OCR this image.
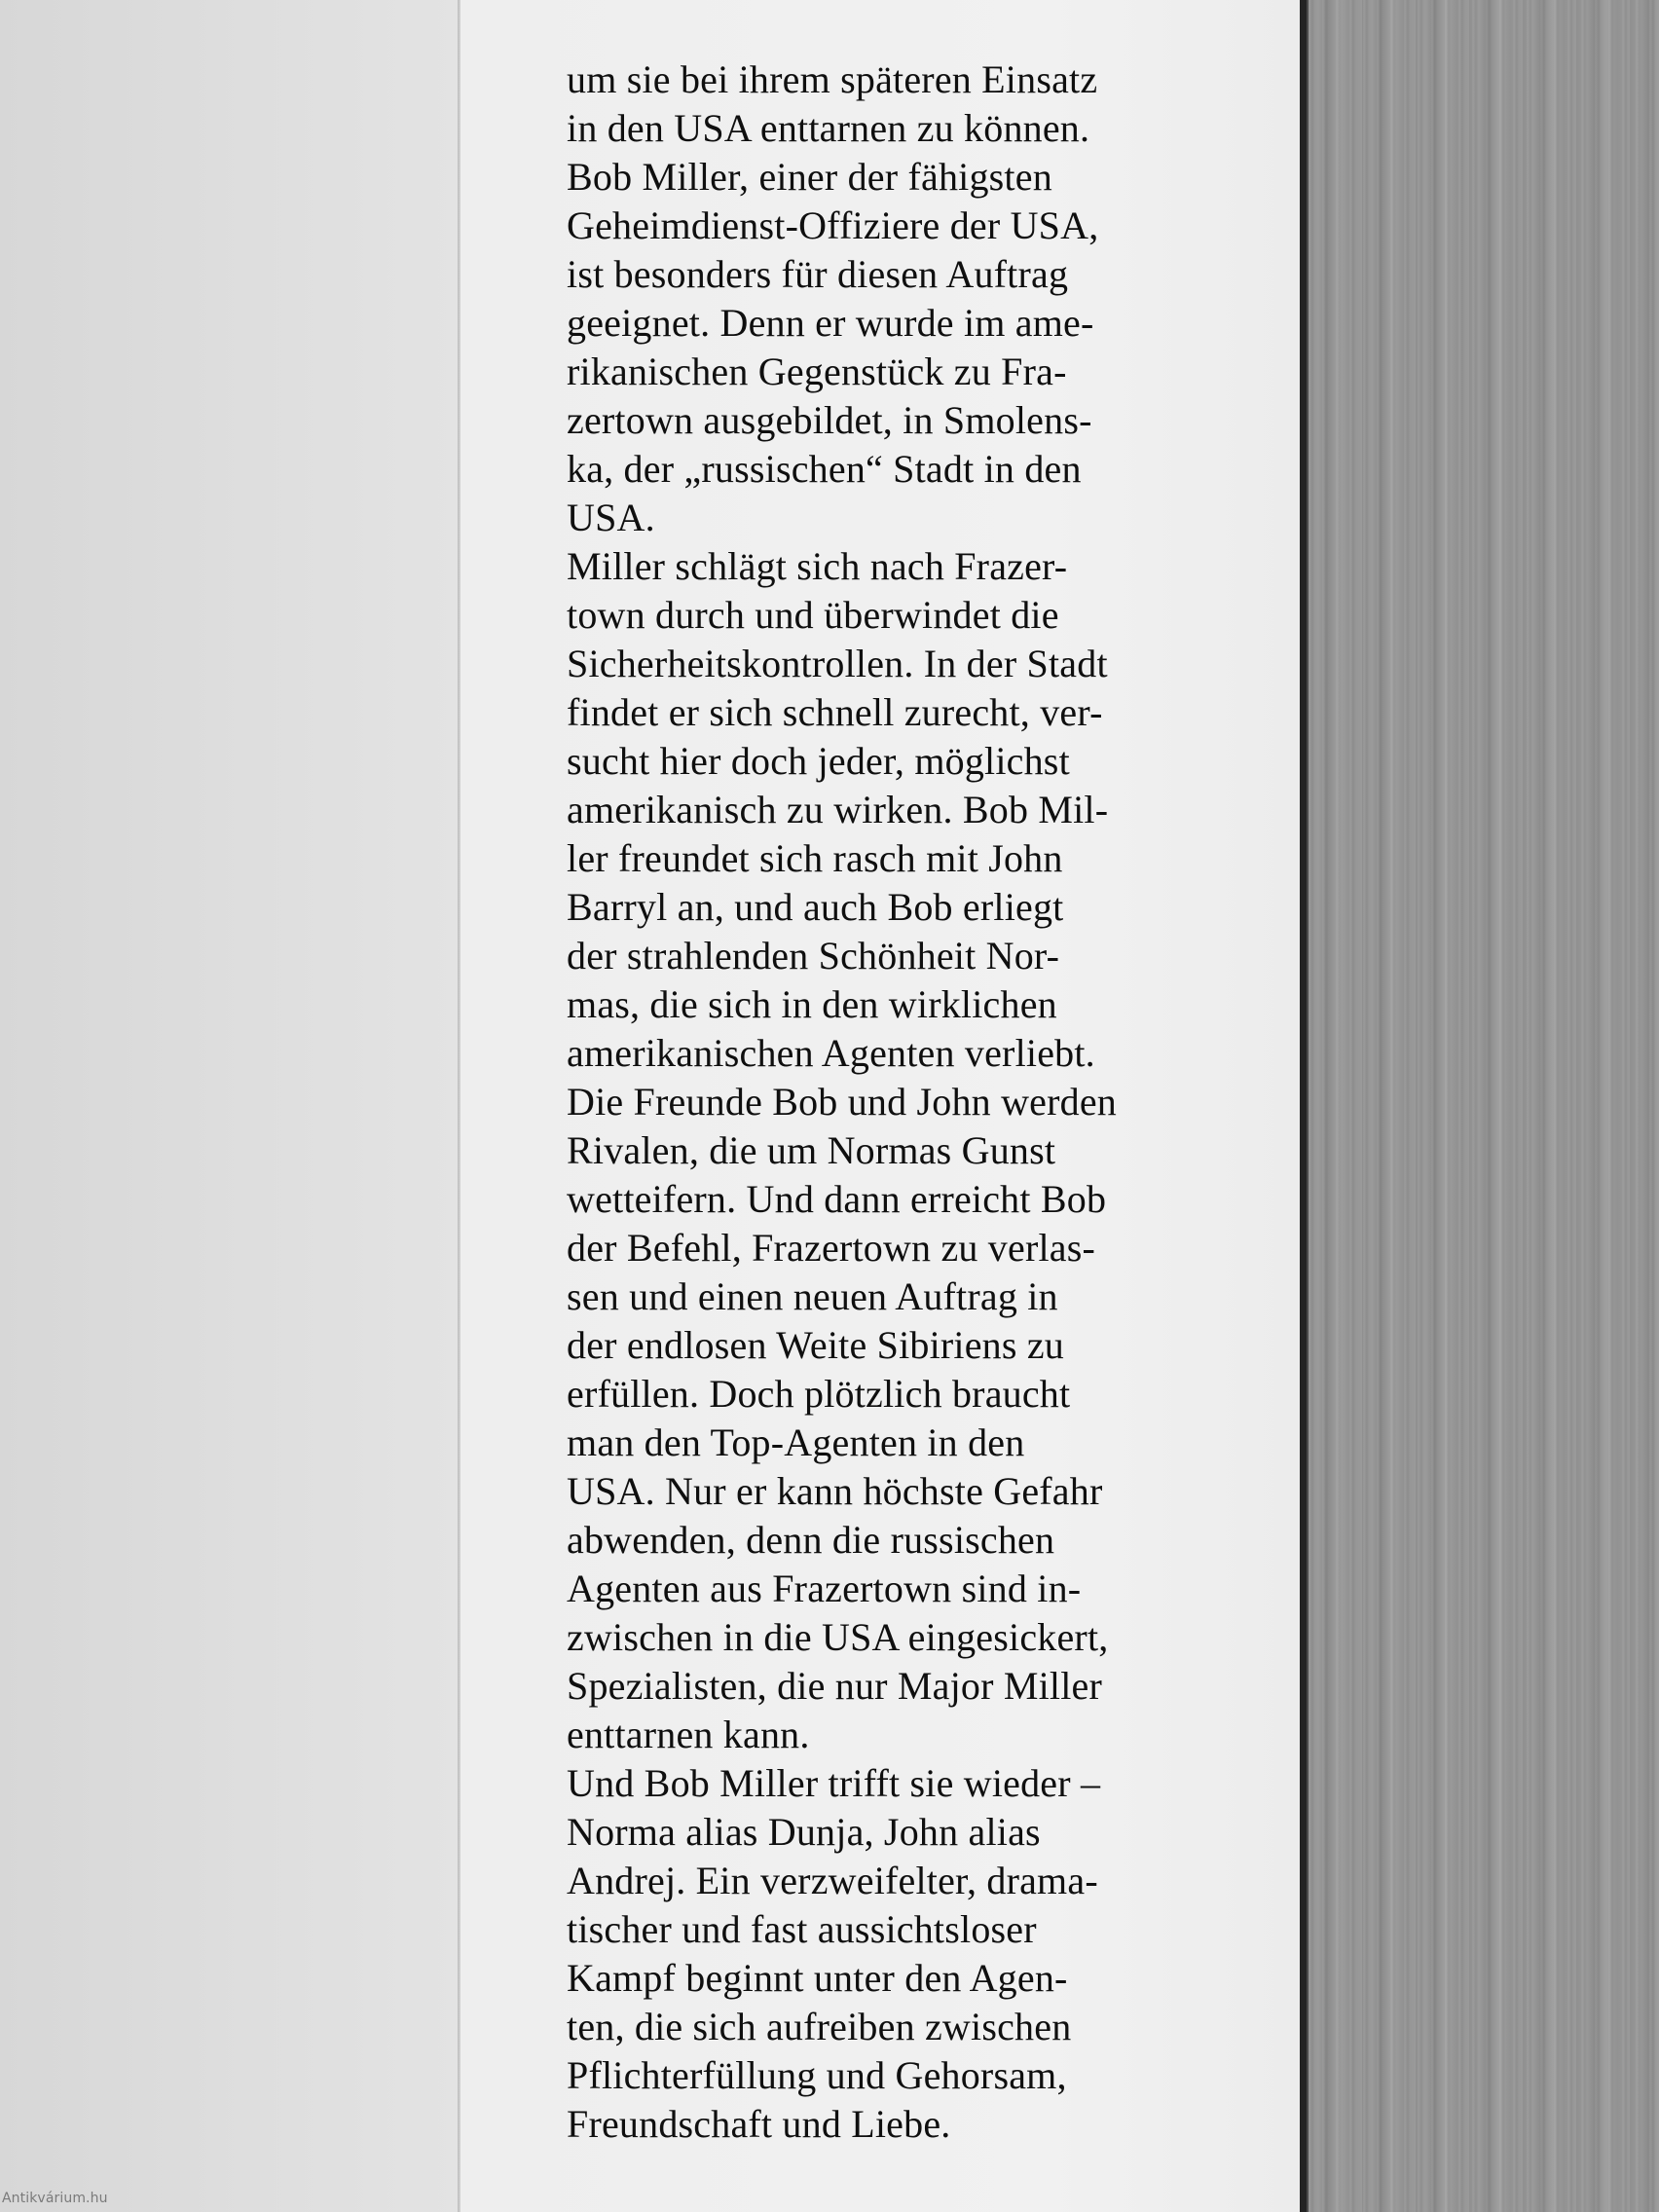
um sie bei ihrem späteren Einsatz
in den USA enttarnen zu können.
Bob Miller, einer der fähigsten
Geheimdienst-Offiziere der USA,
ist besonders für diesen Auftrag
geeignet. Denn er wurde im ame-
rikanischen Gegenstück zu Fra-
zertown ausgebildet, in Smolens-
ka, der „russischen“ Stadt in den
USA.
Miller schlägt sich nach Frazer-
town durch und überwindet die
Sicherheitskontrollen. In der Stadt
findet er sich schnell zurecht, ver-
sucht hier doch jeder, möglichst
amerikanisch zu wirken. Bob Mil-
ler freundet sich rasch mit John
Barryl an, und auch Bob erliegt
der strahlenden Schönheit Nor-
mas, die sich in den wirklichen
amerikanischen Agenten verliebt.
Die Freunde Bob und John werden
Rivalen, die um Normas Gunst
wetteifern. Und dann erreicht Bob
der Befehl, Frazertown zu verlas-
sen und einen neuen Auftrag in
der endlosen Weite Sibiriens zu
erfüllen. Doch plötzlich braucht
man den Top-Agenten in den
USA. Nur er kann höchste Gefahr
abwenden, denn die russischen
Agenten aus Frazertown sind in-
zwischen in die USA eingesickert,
Spezialisten, die nur Major Miller
enttarnen kann.
Und Bob Miller trifft sie wieder –
Norma alias Dunja, John alias
Andrej. Ein verzweifelter, drama-
tischer und fast aussichtsloser
Kampf beginnt unter den Agen-
ten, die sich aufreiben zwischen
Pflichterfüllung und Gehorsam,
Freundschaft und Liebe.
Antikvárium.hu
